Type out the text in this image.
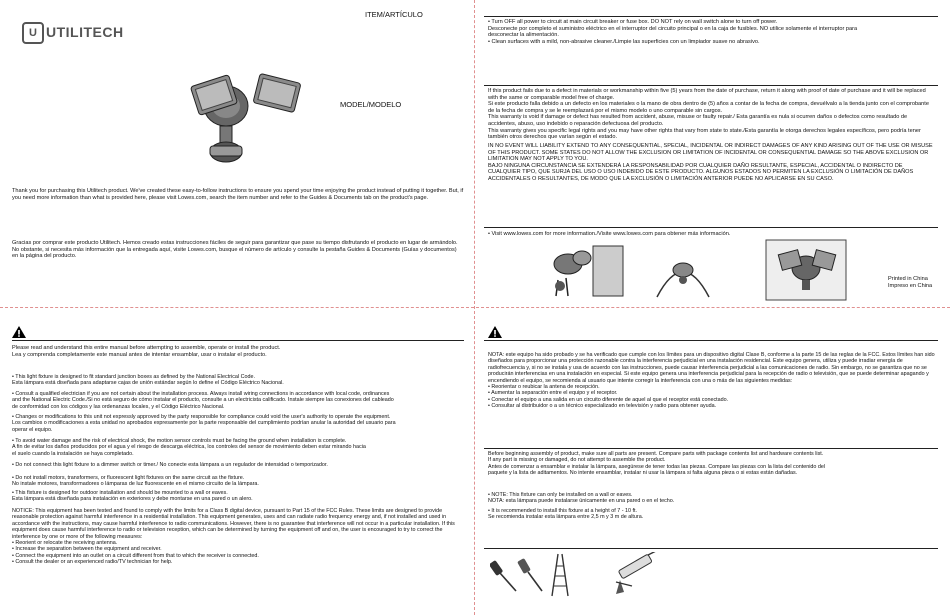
U UTILITECH
ITEM/ARTÍCULO
MODEL/MODELO
Thank you for purchasing this Utilitech product. We've created these easy-to-follow instructions to ensure you spend your time enjoying the product instead of putting it together. But, if you need more information than what is provided here, please visit Lowes.com, search the item number and refer to the Guides & Documents tab on the product's page.
Gracias por comprar este producto Utilitech. Hemos creado estas instrucciones fáciles de seguir para garantizar que pase su tiempo disfrutando el producto en lugar de armándolo. No obstante, si necesita más información que la entregada aquí, visite Lowes.com, busque el número de artículo y consulte la pestaña Guides & Documents (Guías y documentos) en la página del producto.
• Turn OFF all power to circuit at main circuit breaker or fuse box. DO NOT rely on wall switch alone to turn off power.
Desconecte por completo el suministro eléctrico en el interruptor del circuito principal o en la caja de fusibles. NO utilice solamente el interruptor para
desconectar la alimentación.
• Clean surfaces with a mild, non-abrasive cleaner./Limpie las superficies con un limpiador suave no abrasivo.
If this product fails due to a defect in materials or workmanship within five (5) years from the date of purchase, return it along with proof of date of purchase and it will be replaced with the same or comparable model free of charge.
Si este producto falla debido a un defecto en los materiales o la mano de obra dentro de (5) años a contar de la fecha de compra, devuélvalo a la tienda junto con el comprobante de la fecha de compra y se le reemplazará por el mismo modelo o uno comparable sin cargos.
This warranty is void if damage or defect has resulted from accident, abuse, misuse or faulty repair./ Esta garantía es nula si ocurren daños o defectos como resultado de accidentes, abuso, uso indebido o reparación defectuosa del producto.
This warranty gives you specific legal rights and you may have other rights that vary from state to state./Esta garantía le otorga derechos legales específicos, pero podría tener también otros derechos que varían según el estado.
IN NO EVENT WILL LIABILITY EXTEND TO ANY CONSEQUENTIAL, SPECIAL, INCIDENTAL OR INDIRECT DAMAGES OF ANY KIND ARISING OUT OF THE USE OR MISUSE OF THIS PRODUCT. SOME STATES DO NOT ALLOW THE EXCLUSION OR LIMITATION OF INCIDENTAL OR CONSEQUENTIAL DAMAGE SO THE ABOVE EXCLUSION OR LIMITATION MAY NOT APPLY TO YOU.
BAJO NINGUNA CIRCUNSTANCIA SE EXTENDERÁ LA RESPONSABILIDAD POR CUALQUIER DAÑO RESULTANTE, ESPECIAL, ACCIDENTAL O INDIRECTO DE CUALQUIER TIPO, QUE SURJA DEL USO O USO INDEBIDO DE ESTE PRODUCTO. ALGUNOS ESTADOS NO PERMITEN LA EXCLUSIÓN O LIMITACIÓN DE DAÑOS ACCIDENTALES O RESULTANTES, DE MODO QUE LA EXCLUSIÓN O LIMITACIÓN ANTERIOR PUEDE NO APLICARSE EN SU CASO.
• Visit www.lowes.com for more information./Visite www.lowes.com para obtener más información.
Printed in China
Impreso en China
Please read and understand this entire manual before attempting to assemble, operate or install the product.
Lea y comprenda completamente este manual antes de intentar ensamblar, usar o instalar el producto.
• This light fixture is designed to fit standard junction boxes as defined by the National Electrical Code.
Esta lámpara está diseñada para adaptarse cajas de unión estándar según lo define el Código Eléctrico Nacional.
• Consult a qualified electrician if you are not certain about the installation process. Always install wiring connections in accordance with local code, ordinances
and the National Electric Code./Si no está seguro de cómo instalar el producto, consulte a un electricista calificado. Instale siempre las conexiones del cableado
de conformidad con los códigos y las ordenanzas locales, y el Código Eléctrico Nacional.
• Changes or modifications to this unit not expressly approved by the party responsible for compliance could void the user's authority to operate the equipment.
Los cambios o modificaciones a esta unidad no aprobados expresamente por la parte responsable del cumplimiento podrían anular la autoridad del usuario para
operar el equipo.
• To avoid water damage and the risk of electrical shock, the motion sensor controls must be facing the ground when installation is complete.
A fin de evitar los daños producidos por el agua y el riesgo de descarga eléctrica, los controles del sensor de movimiento deben estar mirando hacia
el suelo cuando la instalación se haya completado.
• Do not connect this light fixture to a dimmer switch or timer./ No conecte esta lámpara a un regulador de intensidad o temporizador.
• Do not install motors, transformers, or fluorescent light fixtures on the same circuit as the fixture.
No instale motores, transformadores o lámparas de luz fluorescente en el mismo circuito de la lámpara.
• This fixture is designed for outdoor installation and should be mounted to a wall or eaves.
Esta lámpara está diseñada para instalación en exteriores y debe montarse en una pared o un alero.
NOTICE: This equipment has been tested and found to comply with the limits for a Class B digital device, pursuant to Part 15 of the FCC Rules. These limits are designed to provide reasonable protection against harmful interference in a residential installation. This equipment generates, uses and can radiate radio frequency energy and, if not installed and used in accordance with the instructions, may cause harmful interference to radio communications. However, there is no guarantee that interference will not occur in a particular installation. If this equipment does cause harmful interference to radio or television reception, which can be determined by turning the equipment off and on, the user is encouraged to try to correct the interference by one or more of the following measures:
• Reorient or relocate the receiving antenna.
• Increase the separation between the equipment and receiver.
• Connect the equipment into an outlet on a circuit different from that to which the receiver is connected.
• Consult the dealer or an experienced radio/TV technician for help.
NOTA: este equipo ha sido probado y se ha verificado que cumple con los límites para un dispositivo digital Clase B, conforme a la parte 15 de las reglas de la FCC. Estos límites han sido diseñados para proporcionar una protección razonable contra la interferencia perjudicial en una instalación residencial. Este equipo genera, utiliza y puede irradiar energía de radiofrecuencia y, si no se instala y usa de acuerdo con las instrucciones, puede causar interferencia perjudicial a las comunicaciones de radio. Sin embargo, no se garantiza que no se producirán interferencias en una instalación en especial. Si este equipo genera una interferencia perjudicial para la recepción de radio o televisión, que se puede determinar apagando y encendiendo el equipo, se recomienda al usuario que intente corregir la interferencia con una o más de las siguientes medidas:
• Reorientar o reubicar la antena de recepción.
• Aumentar la separación entre el equipo y el receptor.
• Conectar el equipo a una salida en un circuito diferente de aquel al que el receptor está conectado.
• Consultar al distribuidor o a un técnico especializado en televisión y radio para obtener ayuda.
Before beginning assembly of product, make sure all parts are present. Compare parts with package contents list and hardware contents list.
If any part is missing or damaged, do not attempt to assemble the product.
Antes de comenzar a ensamblar e instalar la lámpara, asegúrese de tener todas las piezas. Compare las piezas con la lista del contenido del
paquete y la lista de aditamentos. No intente ensamblar, instalar ni usar la lámpara si falta alguna pieza o si estas están dañadas.
• NOTE: This fixture can only be installed on a wall or eaves.
NOTA: esta lámpara puede instalarse únicamente en una pared o en el techo.
• It is recommended to install this fixture at a height of 7 - 10 ft.
Se recomienda instalar esta lámpara entre 2,5 m y 3 m de altura.
